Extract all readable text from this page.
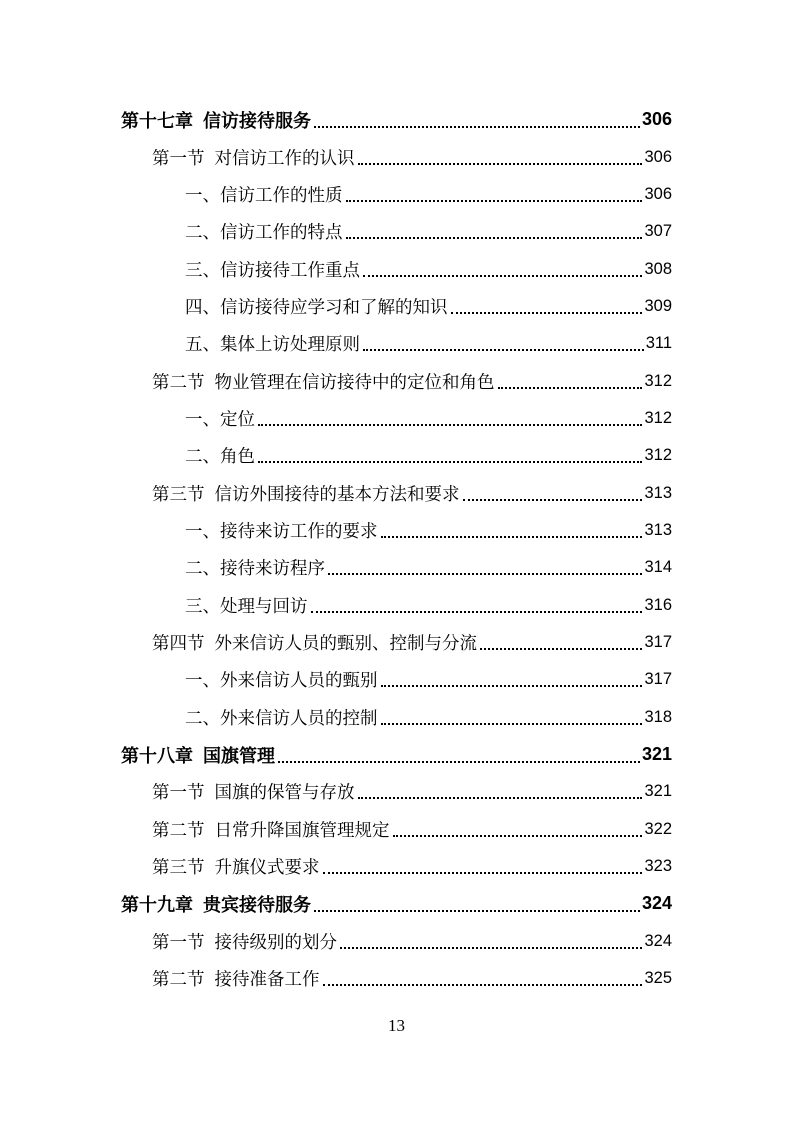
第十七章 信访接待服务	306
第一节 对信访工作的认识	306
一、信访工作的性质	306
二、信访工作的特点	307
三、信访接待工作重点	308
四、信访接待应学习和了解的知识	309
五、集体上访处理原则	311
第二节 物业管理在信访接待中的定位和角色	312
一、定位	312
二、角色	312
第三节 信访外围接待的基本方法和要求	313
一、接待来访工作的要求	313
二、接待来访程序	314
三、处理与回访	316
第四节 外来信访人员的甄别、控制与分流	317
一、外来信访人员的甄别	317
二、外来信访人员的控制	318
第十八章 国旗管理	321
第一节 国旗的保管与存放	321
第二节 日常升降国旗管理规定	322
第三节 升旗仪式要求	323
第十九章 贵宾接待服务	324
第一节 接待级别的划分	324
第二节 接待准备工作	325
13
